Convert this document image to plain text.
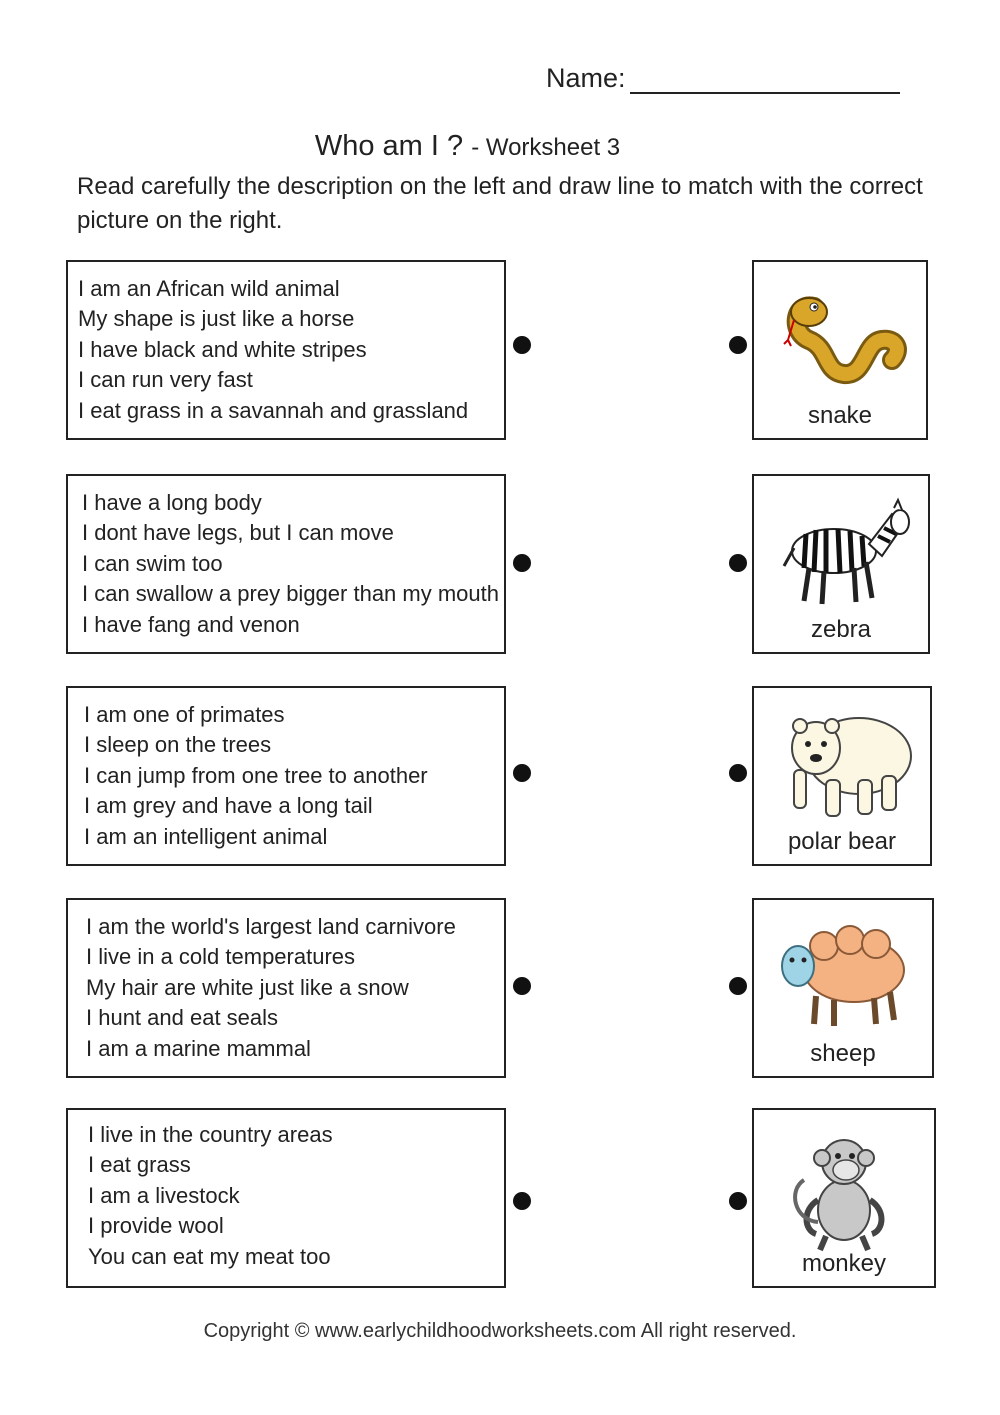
Name:
Who am I ? - Worksheet 3
Read carefully the description on the left and draw line to match with the correct picture on the right.
I am an African wild animal
My shape is just like a horse
I have black and white stripes
I can run very fast
I eat grass in a savannah and grassland
I have a long body
I dont have legs, but I can move
I can swim too
I can swallow a prey bigger than my mouth
I have fang and venon
I am one of primates
I sleep on the trees
I can jump from one tree to another
I am grey and have a long tail
I am an intelligent animal
I am the world's largest land carnivore
I live in a cold temperatures
My hair are white just like a snow
I hunt and eat seals
I am a marine mammal
I live in the country areas
I eat grass
I am a livestock
I provide wool
You can eat my meat too
snake
zebra
polar bear
sheep
monkey
Copyright © www.earlychildhoodworksheets.com All right reserved.
